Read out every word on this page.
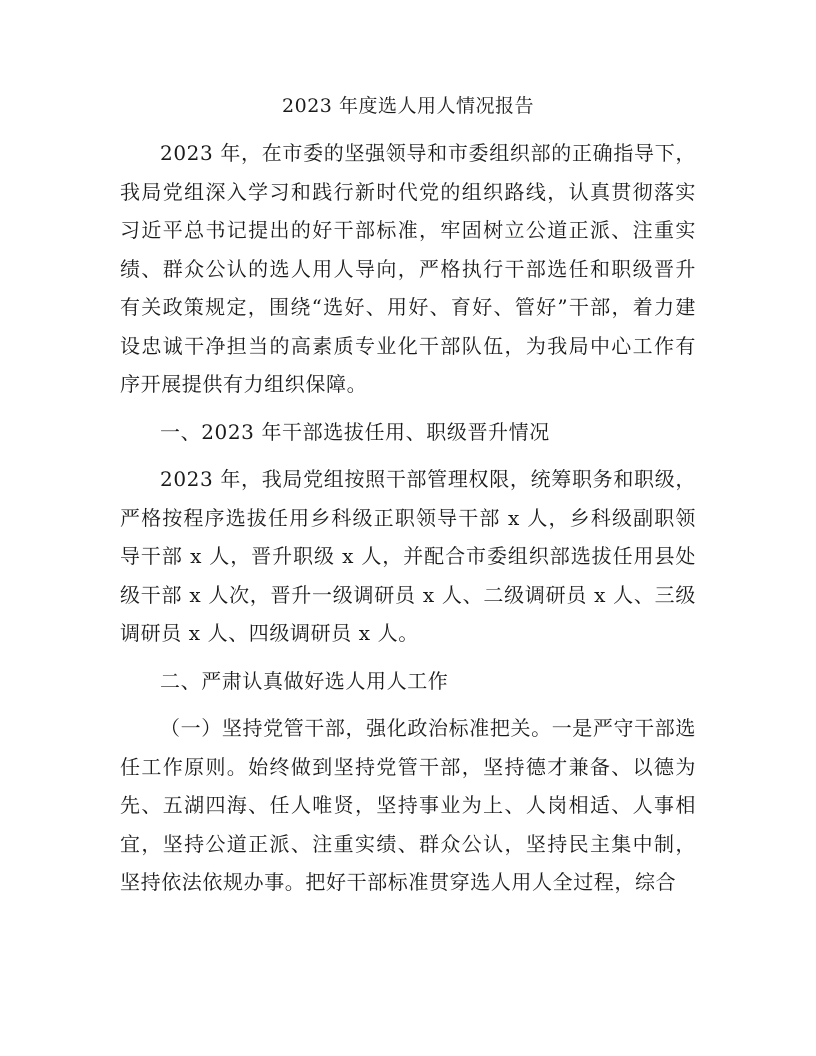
2023 年度选人用人情况报告

2023 年，在市委的坚强领导和市委组织部的正确指导下，我局党组深入学习和践行新时代党的组织路线，认真贯彻落实习近平总书记提出的好干部标准，牢固树立公道正派、注重实绩、群众公认的选人用人导向，严格执行干部选任和职级晋升有关政策规定，围绕“选好、用好、育好、管好”干部，着力建设忠诚干净担当的高素质专业化干部队伍，为我局中心工作有序开展提供有力组织保障。

一、2023 年干部选拔任用、职级晋升情况

2023 年，我局党组按照干部管理权限，统筹职务和职级，严格按程序选拔任用乡科级正职领导干部 x 人，乡科级副职领导干部 x 人，晋升职级 x 人，并配合市委组织部选拔任用县处级干部 x 人次，晋升一级调研员 x 人、二级调研员 x 人、三级调研员 x 人、四级调研员 x 人。

二、严肃认真做好选人用人工作

（一）坚持党管干部，强化政治标准把关。一是严守干部选任工作原则。始终做到坚持党管干部，坚持德才兼备、以德为先、五湖四海、任人唯贤，坚持事业为上、人岗相适、人事相宜，坚持公道正派、注重实绩、群众公认，坚持民主集中制，坚持依法依规办事。把好干部标准贯穿选人用人全过程，综合
